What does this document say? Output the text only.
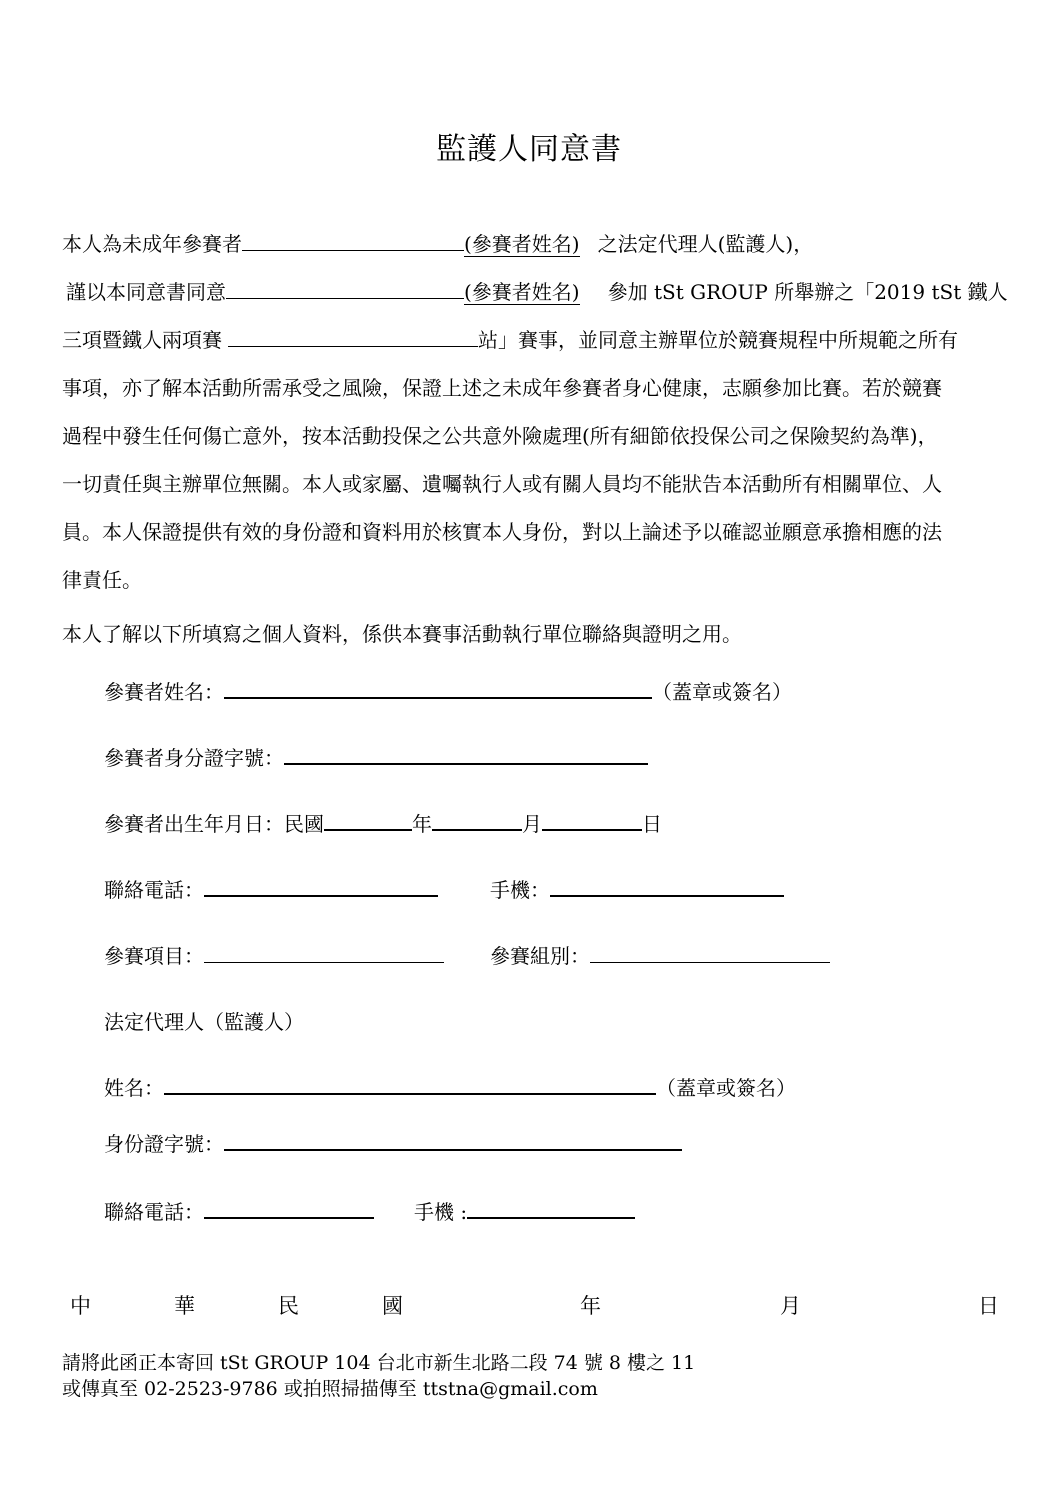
監護人同意書
本人為未成年參賽者	(參賽者姓名) 之法定代理人(監護人)，
謹以本同意書同意	(參賽者姓名) 參加 tSt GROUP 所舉辦之「2019 tSt 鐵人
三項暨鐵人兩項賽	站」賽事，並同意主辦單位於競賽規程中所規範之所有
事項，亦了解本活動所需承受之風險，保證上述之未成年參賽者身心健康，志願參加比賽。若於競賽
過程中發生任何傷亡意外，按本活動投保之公共意外險處理(所有細節依投保公司之保險契約為準)，
一切責任與主辦單位無關。本人或家屬、遺囑執行人或有關人員均不能狀告本活動所有相關單位、人
員。本人保證提供有效的身份證和資料用於核實本人身份，對以上論述予以確認並願意承擔相應的法
律責任。
本人了解以下所填寫之個人資料，係供本賽事活動執行單位聯絡與證明之用。
參賽者姓名：	（蓋章或簽名）
參賽者身分證字號：
參賽者出生年月日：民國	年	月	日
聯絡電話：	手機：
參賽項目：	參賽組別：
法定代理人（監護人）
姓名：	（蓋章或簽名）
身份證字號：
聯絡電話：	手機 :
中	華	民	國	年	月	日
請將此函正本寄回 tSt GROUP 104 台北市新生北路二段 74 號 8 樓之 11
或傳真至 02-2523-9786 或拍照掃描傳至 ttstna@gmail.com
